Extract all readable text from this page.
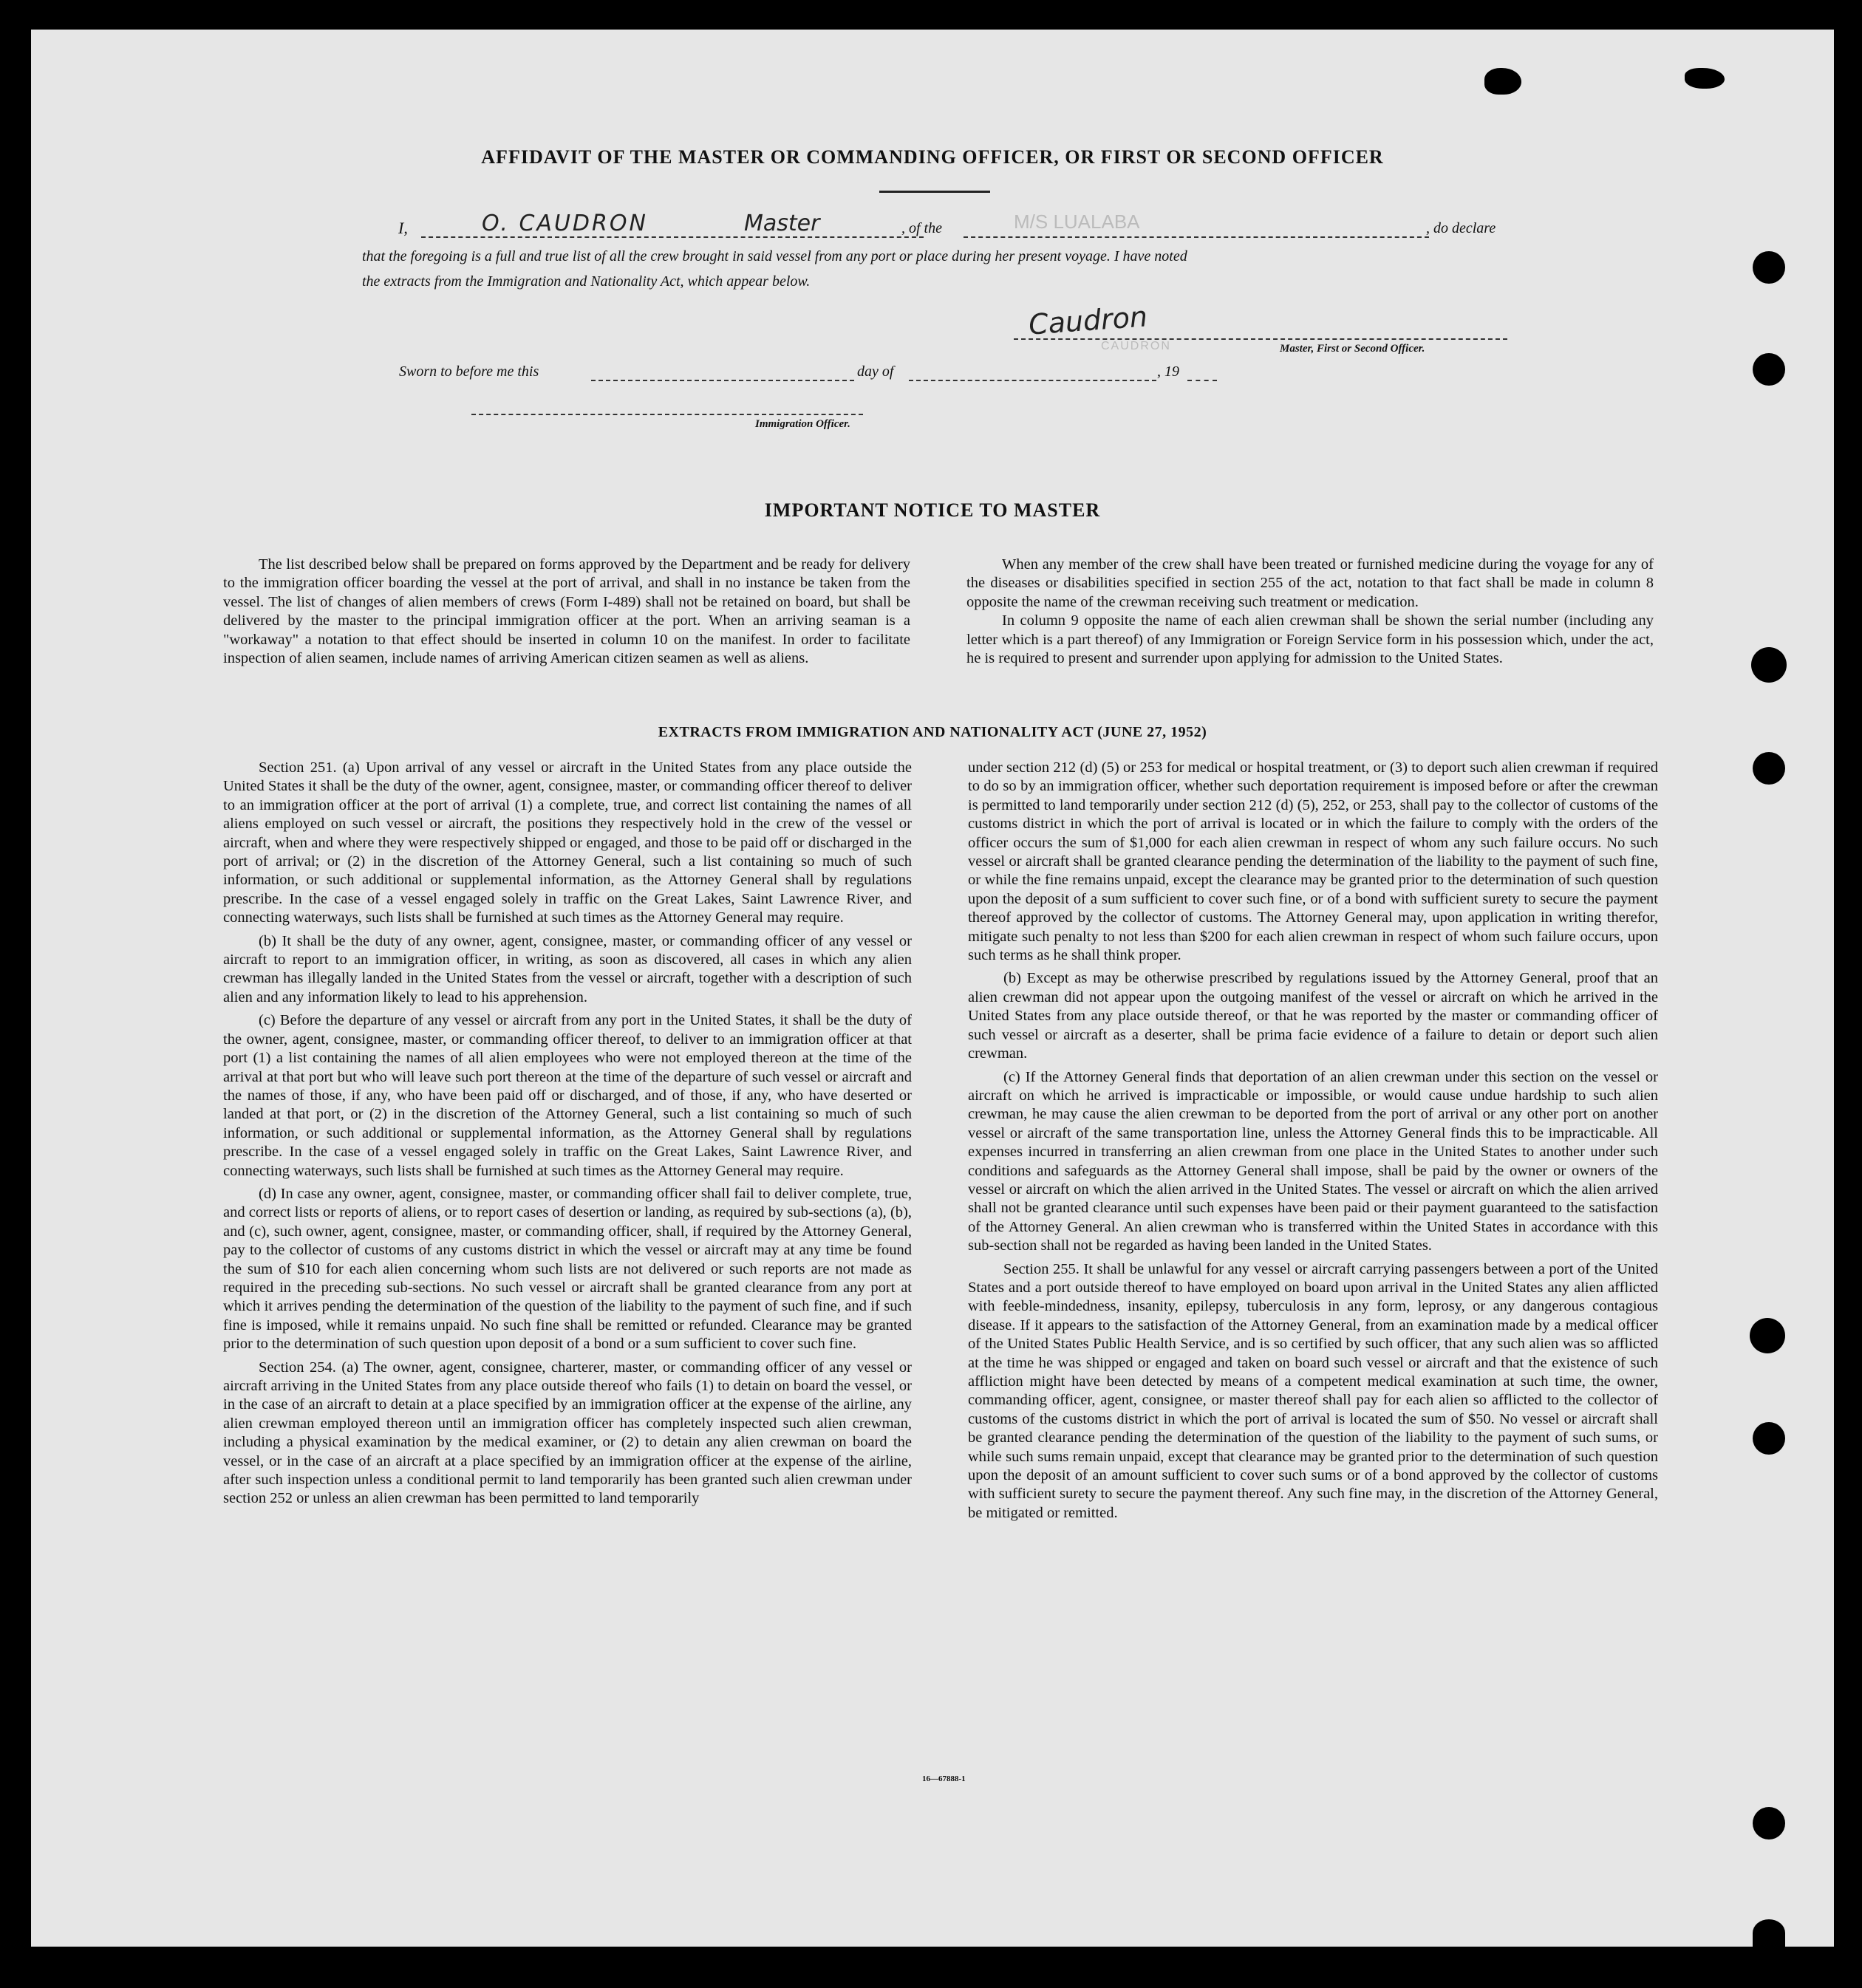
AFFIDAVIT OF THE MASTER OR COMMANDING OFFICER, OR FIRST OR SECOND OFFICER
I,	O. CAUDRON	Master	, of the	M/S LUALABA	, do declare
that the foregoing is a full and true list of all the crew brought in said vessel from any port or place during her present voyage. I have noted
the extracts from the Immigration and Nationality Act, which appear below.
Caudron
CAUDRON	Master, First or Second Officer.
Sworn to before me this	day of	, 19
Immigration Officer.
IMPORTANT NOTICE TO MASTER

The list described below shall be prepared on forms approved by the Department and be ready for delivery to the immigration officer boarding the vessel at the port of arrival, and shall in no instance be taken from the vessel. The list of changes of alien members of crews (Form I-489) shall not be retained on board, but shall be delivered by the master to the principal immigration officer at the port. When an arriving seaman is a "workaway" a notation to that effect should be inserted in column 10 on the manifest. In order to facilitate inspection of alien seamen, include names of arriving American citizen seamen as well as aliens.

When any member of the crew shall have been treated or furnished medicine during the voyage for any of the diseases or disabilities specified in section 255 of the act, notation to that fact shall be made in column 8 opposite the name of the crewman receiving such treatment or medication.

In column 9 opposite the name of each alien crewman shall be shown the serial number (including any letter which is a part thereof) of any Immigration or Foreign Service form in his possession which, under the act, he is required to present and surrender upon applying for admission to the United States.

EXTRACTS FROM IMMIGRATION AND NATIONALITY ACT (JUNE 27, 1952)

Section 251. (a) Upon arrival of any vessel or aircraft in the United States from any place outside the United States it shall be the duty of the owner, agent, consignee, master, or commanding officer thereof to deliver to an immigration officer at the port of arrival (1) a complete, true, and correct list containing the names of all aliens employed on such vessel or aircraft, the positions they respectively hold in the crew of the vessel or aircraft, when and where they were respectively shipped or engaged, and those to be paid off or discharged in the port of arrival; or (2) in the discretion of the Attorney General, such a list containing so much of such information, or such additional or supplemental information, as the Attorney General shall by regulations prescribe. In the case of a vessel engaged solely in traffic on the Great Lakes, Saint Lawrence River, and connecting waterways, such lists shall be furnished at such times as the Attorney General may require.

(b) It shall be the duty of any owner, agent, consignee, master, or commanding officer of any vessel or aircraft to report to an immigration officer, in writing, as soon as discovered, all cases in which any alien crewman has illegally landed in the United States from the vessel or aircraft, together with a description of such alien and any information likely to lead to his apprehension.

(c) Before the departure of any vessel or aircraft from any port in the United States, it shall be the duty of the owner, agent, consignee, master, or commanding officer thereof, to deliver to an immigration officer at that port (1) a list containing the names of all alien employees who were not employed thereon at the time of the arrival at that port but who will leave such port thereon at the time of the departure of such vessel or aircraft and the names of those, if any, who have been paid off or discharged, and of those, if any, who have deserted or landed at that port, or (2) in the discretion of the Attorney General, such a list containing so much of such information, or such additional or supplemental information, as the Attorney General shall by regulations prescribe. In the case of a vessel engaged solely in traffic on the Great Lakes, Saint Lawrence River, and connecting waterways, such lists shall be furnished at such times as the Attorney General may require.

(d) In case any owner, agent, consignee, master, or commanding officer shall fail to deliver complete, true, and correct lists or reports of aliens, or to report cases of desertion or landing, as required by sub-sections (a), (b), and (c), such owner, agent, consignee, master, or commanding officer, shall, if required by the Attorney General, pay to the collector of customs of any customs district in which the vessel or aircraft may at any time be found the sum of $10 for each alien concerning whom such lists are not delivered or such reports are not made as required in the preceding sub-sections. No such vessel or aircraft shall be granted clearance from any port at which it arrives pending the determination of the question of the liability to the payment of such fine, and if such fine is imposed, while it remains unpaid. No such fine shall be remitted or refunded. Clearance may be granted prior to the determination of such question upon deposit of a bond or a sum sufficient to cover such fine.

Section 254. (a) The owner, agent, consignee, charterer, master, or commanding officer of any vessel or aircraft arriving in the United States from any place outside thereof who fails (1) to detain on board the vessel, or in the case of an aircraft to detain at a place specified by an immigration officer at the expense of the airline, any alien crewman employed thereon until an immigration officer has completely inspected such alien crewman, including a physical examination by the medical examiner, or (2) to detain any alien crewman on board the vessel, or in the case of an aircraft at a place specified by an immigration officer at the expense of the airline, after such inspection unless a conditional permit to land temporarily has been granted such alien crewman under section 252 or unless an alien crewman has been permitted to land temporarily

under section 212 (d) (5) or 253 for medical or hospital treatment, or (3) to deport such alien crewman if required to do so by an immigration officer, whether such deportation requirement is imposed before or after the crewman is permitted to land temporarily under section 212 (d) (5), 252, or 253, shall pay to the collector of customs of the customs district in which the port of arrival is located or in which the failure to comply with the orders of the officer occurs the sum of $1,000 for each alien crewman in respect of whom any such failure occurs. No such vessel or aircraft shall be granted clearance pending the determination of the liability to the payment of such fine, or while the fine remains unpaid, except the clearance may be granted prior to the determination of such question upon the deposit of a sum sufficient to cover such fine, or of a bond with sufficient surety to secure the payment thereof approved by the collector of customs. The Attorney General may, upon application in writing therefor, mitigate such penalty to not less than $200 for each alien crewman in respect of whom such failure occurs, upon such terms as he shall think proper.

(b) Except as may be otherwise prescribed by regulations issued by the Attorney General, proof that an alien crewman did not appear upon the outgoing manifest of the vessel or aircraft on which he arrived in the United States from any place outside thereof, or that he was reported by the master or commanding officer of such vessel or aircraft as a deserter, shall be prima facie evidence of a failure to detain or deport such alien crewman.

(c) If the Attorney General finds that deportation of an alien crewman under this section on the vessel or aircraft on which he arrived is impracticable or impossible, or would cause undue hardship to such alien crewman, he may cause the alien crewman to be deported from the port of arrival or any other port on another vessel or aircraft of the same transportation line, unless the Attorney General finds this to be impracticable. All expenses incurred in transferring an alien crewman from one place in the United States to another under such conditions and safeguards as the Attorney General shall impose, shall be paid by the owner or owners of the vessel or aircraft on which the alien arrived in the United States. The vessel or aircraft on which the alien arrived shall not be granted clearance until such expenses have been paid or their payment guaranteed to the satisfaction of the Attorney General. An alien crewman who is transferred within the United States in accordance with this sub-section shall not be regarded as having been landed in the United States.

Section 255. It shall be unlawful for any vessel or aircraft carrying passengers between a port of the United States and a port outside thereof to have employed on board upon arrival in the United States any alien afflicted with feeble-mindedness, insanity, epilepsy, tuberculosis in any form, leprosy, or any dangerous contagious disease. If it appears to the satisfaction of the Attorney General, from an examination made by a medical officer of the United States Public Health Service, and is so certified by such officer, that any such alien was so afflicted at the time he was shipped or engaged and taken on board such vessel or aircraft and that the existence of such affliction might have been detected by means of a competent medical examination at such time, the owner, commanding officer, agent, consignee, or master thereof shall pay for each alien so afflicted to the collector of customs of the customs district in which the port of arrival is located the sum of $50. No vessel or aircraft shall be granted clearance pending the determination of the question of the liability to the payment of such sums, or while such sums remain unpaid, except that clearance may be granted prior to the determination of such question upon the deposit of an amount sufficient to cover such sums or of a bond approved by the collector of customs with sufficient surety to secure the payment thereof. Any such fine may, in the discretion of the Attorney General, be mitigated or remitted.

16—67888-1
